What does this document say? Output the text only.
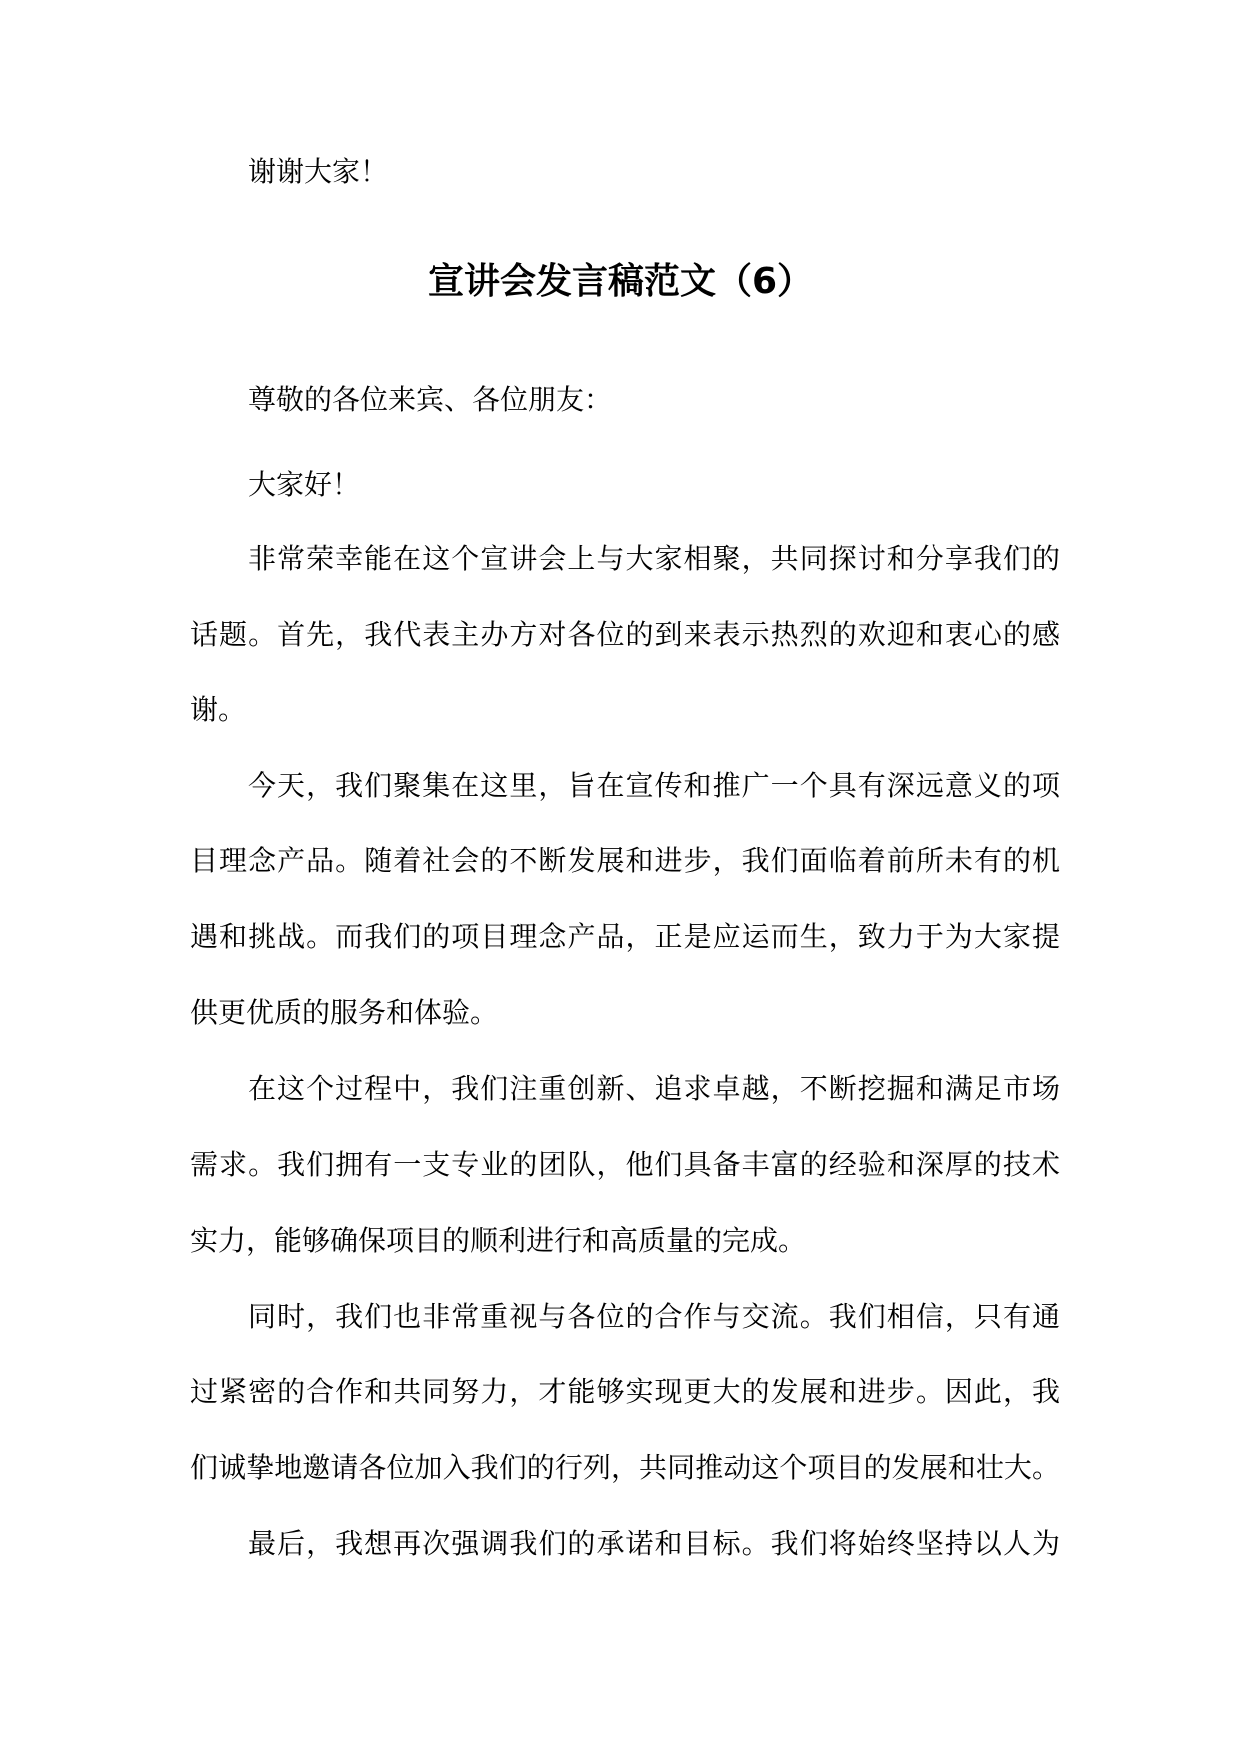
谢谢大家！
宣讲会发言稿范文（6）
尊敬的各位来宾、各位朋友：
大家好！
非常荣幸能在这个宣讲会上与大家相聚，共同探讨和分享我们的
话题。首先，我代表主办方对各位的到来表示热烈的欢迎和衷心的感
谢。
今天，我们聚集在这里，旨在宣传和推广一个具有深远意义的项
目理念产品。随着社会的不断发展和进步，我们面临着前所未有的机
遇和挑战。而我们的项目理念产品，正是应运而生，致力于为大家提
供更优质的服务和体验。
在这个过程中，我们注重创新、追求卓越，不断挖掘和满足市场
需求。我们拥有一支专业的团队，他们具备丰富的经验和深厚的技术
实力，能够确保项目的顺利进行和高质量的完成。
同时，我们也非常重视与各位的合作与交流。我们相信，只有通
过紧密的合作和共同努力，才能够实现更大的发展和进步。因此，我
们诚挚地邀请各位加入我们的行列，共同推动这个项目的发展和壮大。
最后，我想再次强调我们的承诺和目标。我们将始终坚持以人为
